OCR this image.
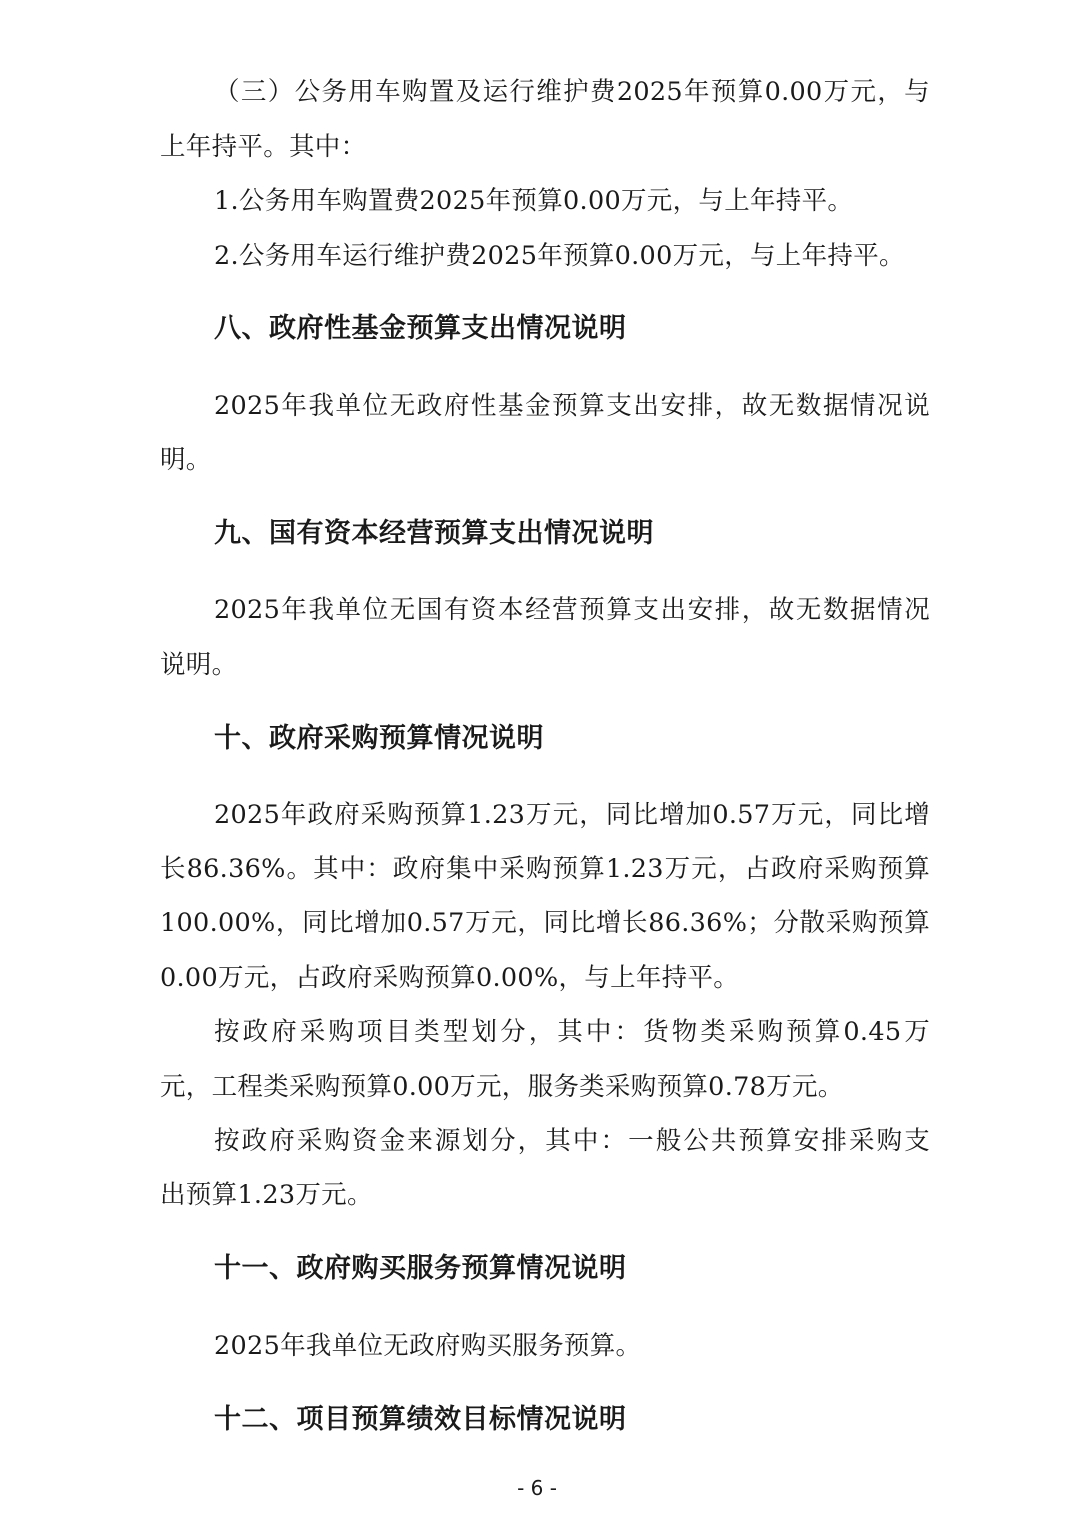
（三）公务用车购置及运行维护费2025年预算0.00万元，与
上年持平。其中：
1.公务用车购置费2025年预算0.00万元，与上年持平。
2.公务用车运行维护费2025年预算0.00万元，与上年持平。
八、政府性基金预算支出情况说明
2025年我单位无政府性基金预算支出安排，故无数据情况说
明。
九、国有资本经营预算支出情况说明
2025年我单位无国有资本经营预算支出安排，故无数据情况
说明。
十、政府采购预算情况说明
2025年政府采购预算1.23万元，同比增加0.57万元，同比增
长86.36%。其中：政府集中采购预算1.23万元，占政府采购预算
100.00%，同比增加0.57万元，同比增长86.36%；分散采购预算
0.00万元，占政府采购预算0.00%，与上年持平。
按政府采购项目类型划分，其中：货物类采购预算0.45万
元，工程类采购预算0.00万元，服务类采购预算0.78万元。
按政府采购资金来源划分，其中：一般公共预算安排采购支
出预算1.23万元。
十一、政府购买服务预算情况说明
2025年我单位无政府购买服务预算。
十二、项目预算绩效目标情况说明
- 6 -
